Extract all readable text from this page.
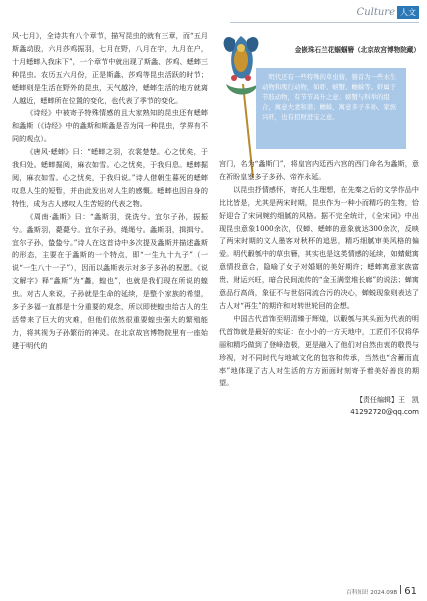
Culture 人文
金嵌珠石兰花蝈蝈簪（北京故宫博物院藏）

明代还有一些特殊的草虫簪，簪首为一些水生动物和爬行动物，如虾、螃蟹、蟾蜍等。虾属于节肢动物，有节节高升之意；螃蟹与科举的组合，寓意夫妻和谐；蟾蜍，寓意多子多孙、家族兴旺，也有招财进宝之意。

风·七月》，全诗共有八个章节，描写昆虫的就有三章，而“五月斯螽动股，六月莎鸡振羽，七月在野，八月在宇，九月在户，十月蟋蟀入我床下”，一个章节中就出现了斯螽、莎鸡、蟋蟀三种昆虫。农历五六月份，正是斯螽、莎鸡等昆虫活跃的时节；蟋蟀则是生活在野外的昆虫，天气越冷，蟋蟀生活的地方就离人越近，蟋蟀所在位置的变化，也代表了季节的变化。

《诗经》中被寄予特殊情感的且大家熟知的昆虫还有蟋蟀和螽斯（《诗经》中的螽斯和斯螽是否为同一种昆虫，学界有不同的观点）。

《唐风·蟋蟀》曰：“蟋蟀之羽，衣裳楚楚。心之忧矣，于我归处。蟋蟀掘阅，麻衣如雪。心之忧矣，于我归息。蟋蟀掘阅，麻衣如雪。心之忧矣，于我归说。”诗人借朝生暮死的蟋蟀叹息人生的短暂，并由此发出对人生的感慨。蟋蟀也因自身的特性，成为古人感叹人生苦短的代表之物。

《周南·螽斯》曰：“螽斯羽，诜诜兮。宜尔子孙，振振兮。螽斯羽，薨薨兮。宜尔子孙，绳绳兮。螽斯羽，揖揖兮。宜尔子孙，蛰蛰兮。”诗人在这首诗中多次提及螽斯并描述螽斯的形态，主要在于螽斯的一个特点，即“一生九十九子”（一说“一生八十一子”），因而以螽斯表示对多子多孙的祝愿。《说文解字》释“螽斯”为“蠡，蝗也”，也就是我们现在所说的蝗虫。对古人来说，子孙就是生命的延续，是整个家族的希望，多子多福一直都是十分重要的观念，所以即使蝗虫给古人的生活带来了巨大的灾难，但他们依然很重要蝗虫强大的繁殖能力，将其视为子孙繁衍的神灵。在北京故宫博物院里有一座始建于明代的

宫门，名为“螽斯门”，将皇宫内廷西六宫的西门命名为螽斯，意在祈盼皇室多子多孙、帝祚永延。

以昆虫抒情感怀，寄托人生理想，在先秦之后的文学作品中比比皆是，尤其是两宋时期，昆虫作为一种小而精巧的生物，恰好迎合了宋词婉约细腻的风格。据不完全统计，《全宋词》中出现昆虫意象1000余次，仅蝉、蟋蟀的意象就达300余次，反映了两宋时期的文人墨客对秋杯的追思，精巧细腻审美风格的偏爱。明代觳瓠中的草虫簪，其实也是这类情感的延续，如蜻蜓寓意情投意合，隐喻了女子对婚姻的美好期许；蟋蟀寓意家族富贵、财运兴旺，暗合民间流传的“金玉满堂堆长廊”的说法；蝉寓意品行高尚，象征不与世俗同流合污的决心，蝉蜕现象则表达了古人对“再生”的期许和对转世轮回的企想。

中国古代首饰至明清臻于辉煌，以觳瓠与其头面为代表的明代首饰就是最好的实证：在小小的一方天地中，工匠们不仅将华丽和精巧做到了登峰造极，更是融入了他们对自然由衷的敬畏与珍视，对不同时代与地域文化的包容和传承，当然也“含蓄而直率”地体现了古人对生活的方方面面时刻寄予着美好善良的期望。

【责任编辑】王　凯
41292720@qq.com
百科知识 2024.09B 61
